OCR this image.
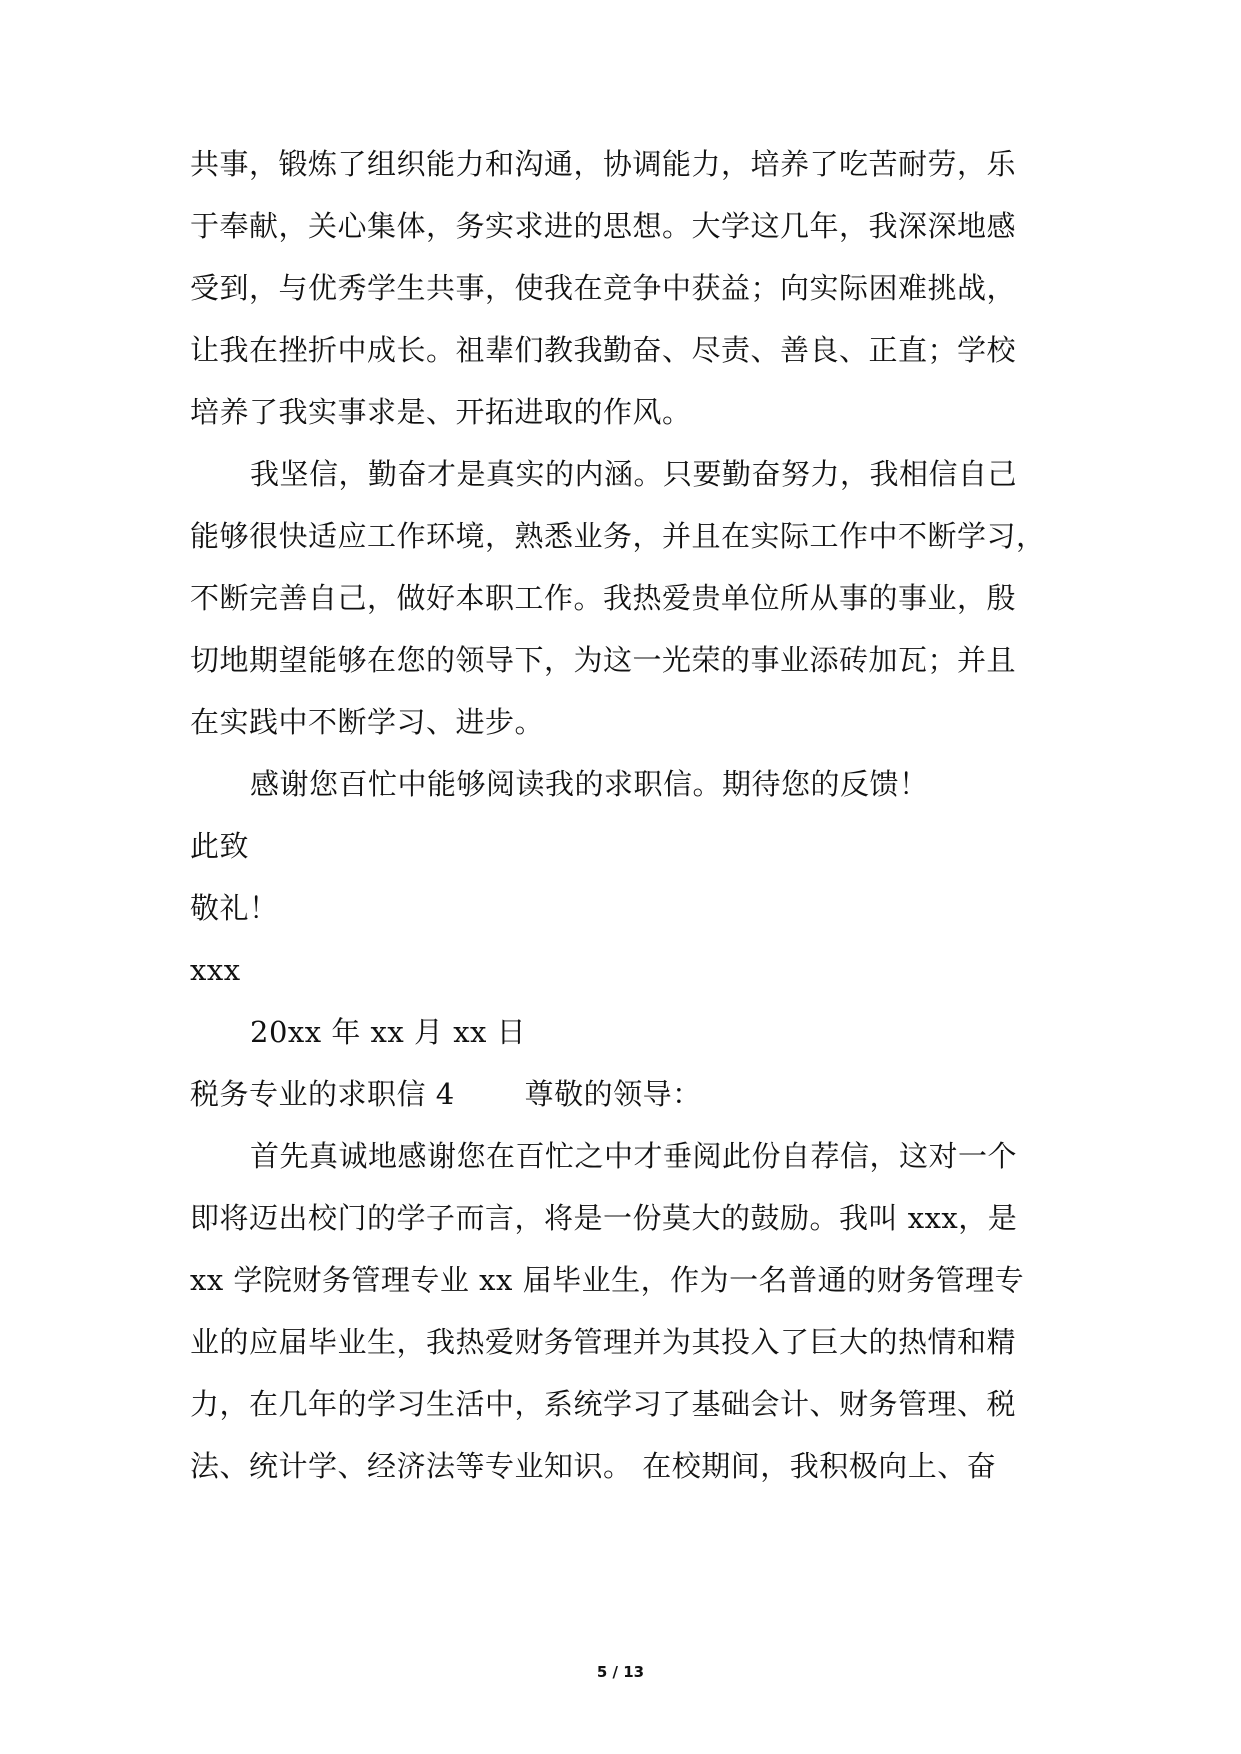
共事，锻炼了组织能力和沟通，协调能力，培养了吃苦耐劳，乐
于奉献，关心集体，务实求进的思想。大学这几年，我深深地感
受到，与优秀学生共事，使我在竞争中获益；向实际困难挑战，
让我在挫折中成长。祖辈们教我勤奋、尽责、善良、正直；学校
培养了我实事求是、开拓进取的作风。
我坚信，勤奋才是真实的内涵。只要勤奋努力，我相信自己
能够很快适应工作环境，熟悉业务，并且在实际工作中不断学习，
不断完善自己，做好本职工作。我热爱贵单位所从事的事业，殷
切地期望能够在您的领导下，为这一光荣的事业添砖加瓦；并且
在实践中不断学习、进步。
感谢您百忙中能够阅读我的求职信。期待您的反馈！
此致
敬礼！
xxx
20xx 年 xx 月 xx 日
税务专业的求职信 4 尊敬的领导：
首先真诚地感谢您在百忙之中才垂阅此份自荐信，这对一个
即将迈出校门的学子而言，将是一份莫大的鼓励。我叫 xxx，是
xx 学院财务管理专业 xx 届毕业生，作为一名普通的财务管理专
业的应届毕业生，我热爱财务管理并为其投入了巨大的热情和精
力，在几年的学习生活中，系统学习了基础会计、财务管理、税
法、统计学、经济法等专业知识。 在校期间，我积极向上、奋
5 / 13
